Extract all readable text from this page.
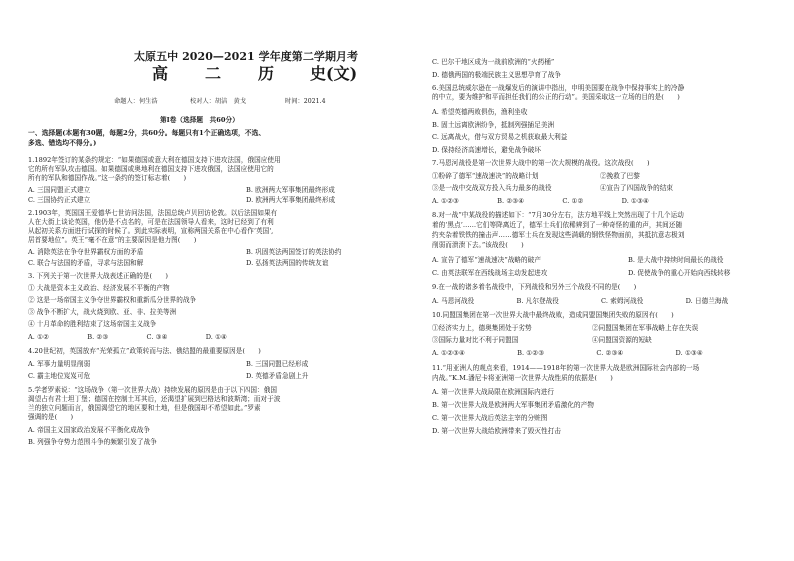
太原五中 2020—2021 学年度第二学期月考
高 二 历 史(文)
命题人：何生浩	校对人：胡洁　黄戈	时间：2021.4
第Ⅰ卷（选择题　共60分）
一、选择题(本题有30题，每题2分，共60分。每题只有1个正确选项，不选、
多选、错选均不得分。)
1.1892年签订的某条约规定：“如果德国或意大利在德国支持下进攻法国，俄国应使用
它的所有军队攻击德国。如果德国或奥地利在德国支持下进攻俄国，法国应使用它的
所有的军队和德国作战。”这一条约的签订标志着(　　)
A. 三国同盟正式建立	B. 欧洲两大军事集团最终形成
C. 三国协约正式建立	D. 欧洲两大军事集团最终形成
2.1903年，英国国王爱德华七世访问法国，法国总统卢贝回访伦敦。以后法国如果有
人在大街上谈论英国，他仍是不点名的，可是在法国领导人看来，这时已经到了有利
从起初关系方面进行试探的时候了。到此实际表明，宣称两国关系在中心看作‘英国',
居首要地位”。英王“毫不在意”的主要原因是他力图(　　)
A. 消除英法在争夺世界霸权方面的矛盾	B. 巩固英法两国签订的英法协约
C. 联合与法国的矛盾，寻求与法国和解	D. 弘扬英法两国的传统友谊
3. 下列关于第一次世界大战表述正确的是(　　)
① 大战是资本主义政治、经济发展不平衡的产物
② 这是一场帝国主义争夺世界霸权和重新瓜分世界的战争
③ 战争不断扩大，战火烧到欧、亚、非、拉美等洲
④ 十月革命的胜利结束了这场帝国主义战争
A. ①②	B. ②③	C. ③④	D. ①④
4.20世纪初，英国放弃“光荣孤立”政策转而与法、俄结盟的最重要原因是(　　)
A. 军事力量明显削弱	B. 三国同盟已经形成
C. 霸主地位岌岌可危	D. 英德矛盾急剧上升
5.学者罗素说：“这场战争（第一次世界大战）持续发展的原因是由于以下四国：俄国
渴望占有君士坦丁堡；德国在控制土耳其后，还渴望扩展到巴格达和波斯湾；而对于波
兰的独立问题而言，俄国渴望它的地区要和土地，但是俄国却不希望如此。”罗素
强调的是(　　)
A. 帝国主义国家政治发展不平衡化成战争
B. 列强争夺势力范围斗争的频繁引发了战争
C. 巴尔干地区成为一战前欧洲的“火药桶”
D. 德俄两国的极端民族主义思想孕育了战争
6.美国总统威尔逊在一战爆发后的演讲中指出，申明美国要在战争中保持事实上的冷静
的中立，要为维护和平而担任我们的公正的行动”。美国采取这一立场的目的是(　　)
A. 希望英德两败俱伤，渔利坐收
B. 固土远离欧洲纷争，抵制列强插足美洲
C. 远离战火，借与双方贸易之机获取最大利益
D. 保持经济高速增长，避免战争破坏
7.马恩河战役是第一次世界大战中的第一次大规模的战役。这次战役(　　)
①粉碎了德军“速战速决”的战略计划	②挽救了巴黎
③是一战中交战双方投入兵力最多的战役	④宣告了四国战争的结束
A. ①②③	B. ②③④	C. ①②	D. ①③④
8.对一战”中某战役的描述如下：“7月30分左右，法方地平线上突然出现了十几个运动
着的‘黑点’……它们等降离近了，德军士兵们依稀辨到了一种奇怪的重的声，其间还随
约夹杂着铁铁的撞击声……德军士兵在发现这些满载的钢铁怪物面前，其抵抗意志极刘
削弱而溃溃下去。”该战役(　　)
A. 宣告了德军“速战速决”战略的破产	B. 是大战中持续时间最长的战役
C. 由英法联军在西线战场主动发起进攻	D. 促使战争的重心开始向西线转移
9.在一战的诸多着名战役中，下列战役和另外三个战役不同的是(　　)
A. 马恩河战役	B. 凡尔登战役	C. 索姆河战役	D. 日德兰海战
10.同盟国集团在第一次世界大战中最终战败，造成同盟国集团失败的原因有(　　)
①经济实力上，德奥集团处于劣势	②同盟国集团在军事战略上存在失误
③国际力量对比不利于同盟国	④同盟国资源的短缺
A. ①②③④	B. ①②③	C. ②③④	D. ①③④
11.“用亚洲人的观点来看，1914——1918年的第一次世界大战是欧洲国际社会内部的一场
内战。”K.M.潘尼卡将亚洲第一次世界大战性质的依据是(　　)
A. 第一次世界大战局限在欧洲国际内进行
B. 第一次世界大战是欧洲两大军事集团矛盾激化的产物
C. 第一次世界大战后英法主宰的分赃图
D. 第一次世界大战给欧洲带来了毁灭性打击
